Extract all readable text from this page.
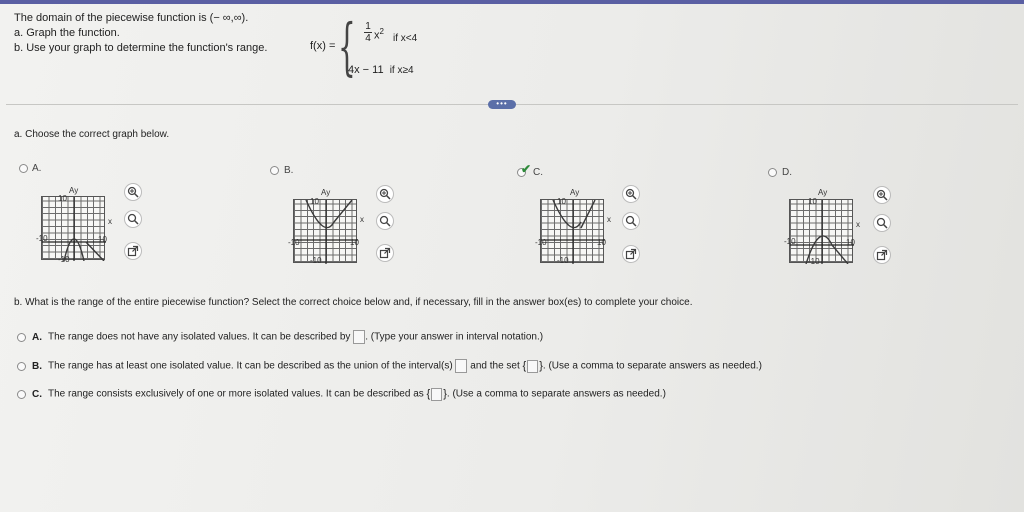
The domain of the piecewise function is (− ∞,∞).
a. Graph the function.
b. Use your graph to determine the function's range.	f(x) = { 1
4 $x^2$
if x<4
4x − 11 if x≥4
•••
a. Choose the correct graph below.
A.
Ay
10
x
-10	10
-10
B.
Ay
10
x
-10	10
-10
✔ C.
Ay
10
x
-10	10
-10
D.
Ay
10
x
-10	10
-10
b. What is the range of the entire piecewise function? Select the correct choice below and, if necessary, fill in the answer box(es) to complete your choice.
A. The range does not have any isolated values. It can be described by . (Type your answer in interval notation.)
B. The range has at least one isolated value. It can be described as the union of the interval(s) and the set { } . (Use a comma to separate answers as needed.)
C. The range consists exclusively of one or more isolated values. It can be described as { } . (Use a comma to separate answers as needed.)
